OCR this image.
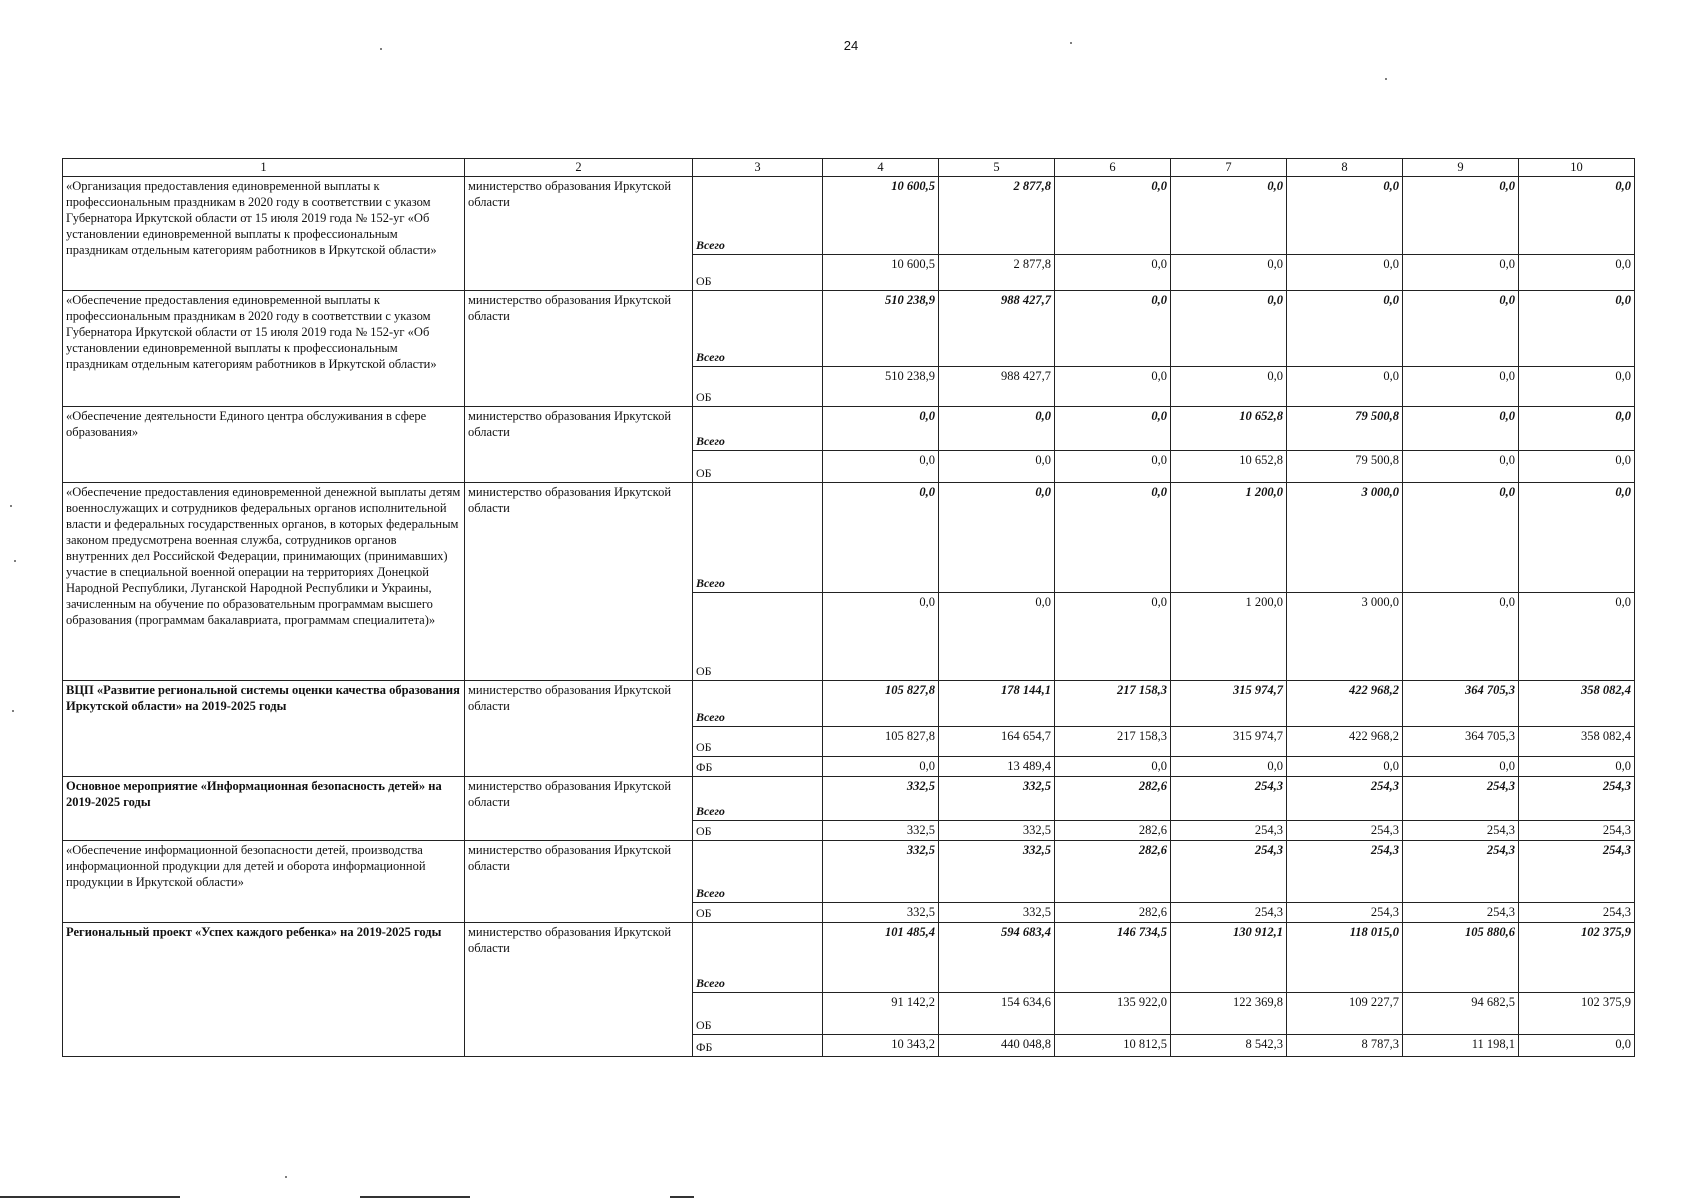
24
1	2	3	4	5	6	7	8	9	10
«Организация предоставления единовременной выплаты к профессиональным праздникам в 2020 году в соответствии с указом Губернатора Иркутской области от 15 июля 2019 года № 152-уг «Об установлении единовременной выплаты к профессиональным праздникам отдельным категориям работников в Иркутской области»	министерство образования Иркутской области	Всего	10 600,5	2 877,8	0,0	0,0	0,0	0,0	0,0
		ОБ	10 600,5	2 877,8	0,0	0,0	0,0	0,0	0,0
«Обеспечение предоставления единовременной выплаты к профессиональным праздникам в 2020 году в соответствии с указом Губернатора Иркутской области от 15 июля 2019 года № 152-уг «Об установлении единовременной выплаты к профессиональным праздникам отдельным категориям работников в Иркутской области»	министерство образования Иркутской области	Всего	510 238,9	988 427,7	0,0	0,0	0,0	0,0	0,0
		ОБ	510 238,9	988 427,7	0,0	0,0	0,0	0,0	0,0
«Обеспечение деятельности Единого центра обслуживания в сфере образования»	министерство образования Иркутской области	Всего	0,0	0,0	0,0	10 652,8	79 500,8	0,0	0,0
		ОБ	0,0	0,0	0,0	10 652,8	79 500,8	0,0	0,0
«Обеспечение предоставления единовременной денежной выплаты детям военнослужащих и сотрудников федеральных органов исполнительной власти и федеральных государственных органов, в которых федеральным законом предусмотрена военная служба, сотрудников органов внутренних дел Российской Федерации, принимающих (принимавших) участие в специальной военной операции на территориях Донецкой Народной Республики, Луганской Народной Республики и Украины, зачисленным на обучение по образовательным программам высшего образования (программам бакалавриата, программам специалитета)»	министерство образования Иркутской области	Всего	0,0	0,0	0,0	1 200,0	3 000,0	0,0	0,0
		ОБ	0,0	0,0	0,0	1 200,0	3 000,0	0,0	0,0
ВЦП «Развитие региональной системы оценки качества образования Иркутской области» на 2019-2025 годы	министерство образования Иркутской области	Всего	105 827,8	178 144,1	217 158,3	315 974,7	422 968,2	364 705,3	358 082,4
		ОБ	105 827,8	164 654,7	217 158,3	315 974,7	422 968,2	364 705,3	358 082,4
		ФБ	0,0	13 489,4	0,0	0,0	0,0	0,0	0,0
Основное мероприятие «Информационная безопасность детей» на 2019-2025 годы	министерство образования Иркутской области	Всего	332,5	332,5	282,6	254,3	254,3	254,3	254,3
		ОБ	332,5	332,5	282,6	254,3	254,3	254,3	254,3
«Обеспечение информационной безопасности детей, производства информационной продукции для детей и оборота информационной продукции в Иркутской области»	министерство образования Иркутской области	Всего	332,5	332,5	282,6	254,3	254,3	254,3	254,3
		ОБ	332,5	332,5	282,6	254,3	254,3	254,3	254,3
Региональный проект «Успех каждого ребенка» на 2019-2025 годы	министерство образования Иркутской области	Всего	101 485,4	594 683,4	146 734,5	130 912,1	118 015,0	105 880,6	102 375,9
		ОБ	91 142,2	154 634,6	135 922,0	122 369,8	109 227,7	94 682,5	102 375,9
		ФБ	10 343,2	440 048,8	10 812,5	8 542,3	8 787,3	11 198,1	0,0
